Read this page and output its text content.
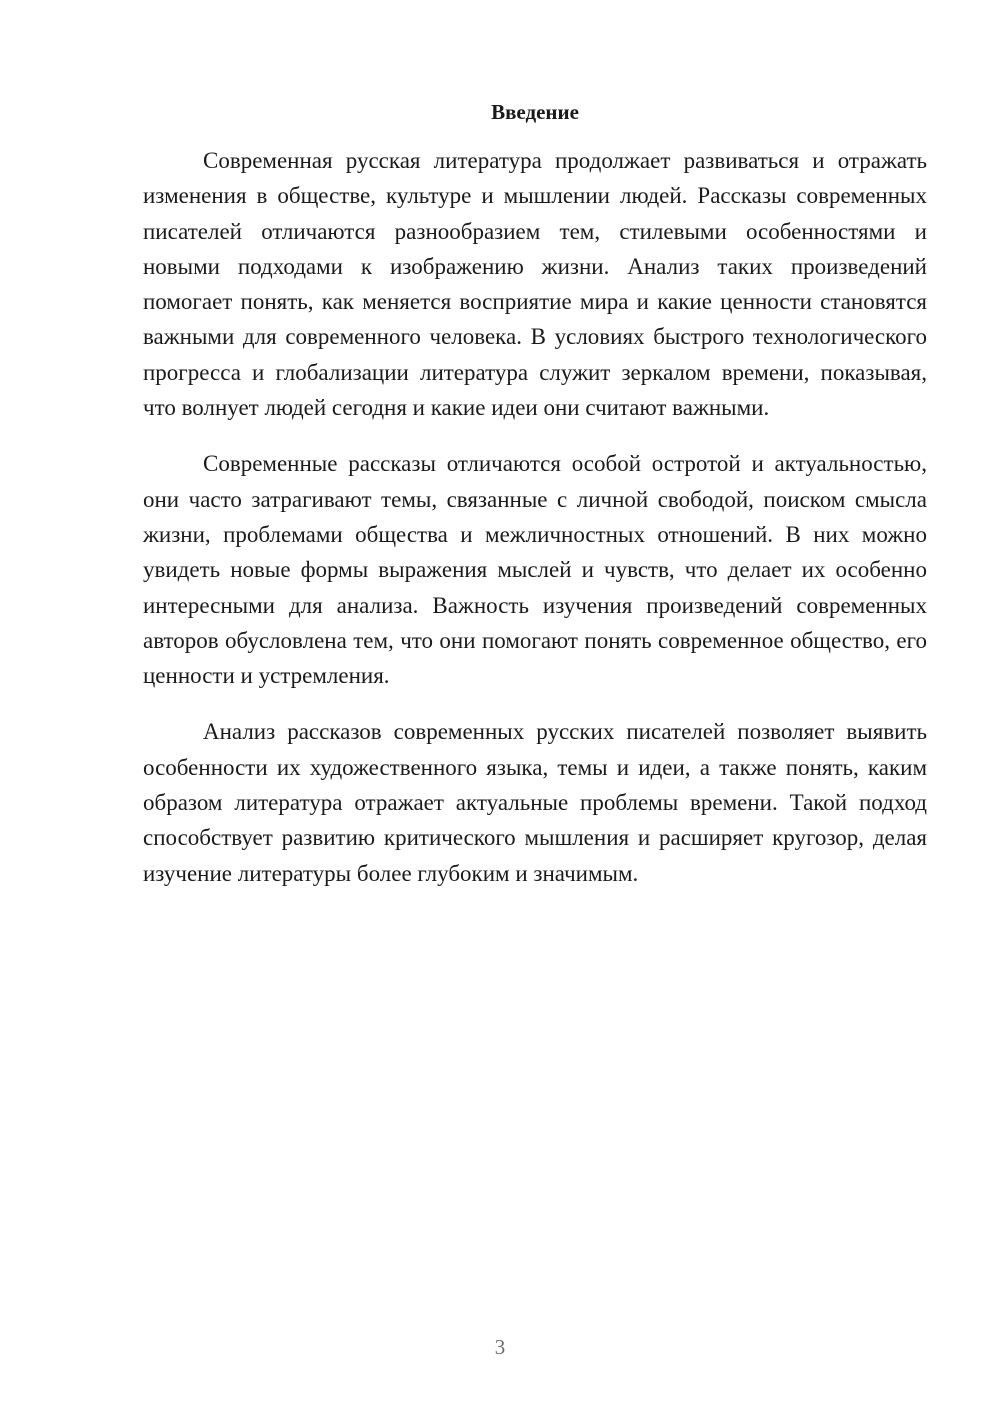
Введение

Современная русская литература продолжает развиваться и отражать изменения в обществе, культуре и мышлении людей. Рассказы современных писателей отличаются разнообразием тем, стилевыми особенностями и новыми подходами к изображению жизни. Анализ таких произведений помогает понять, как меняется восприятие мира и какие ценности становятся важными для современного человека. В условиях быстрого технологического прогресса и глобализации литература служит зеркалом времени, показывая, что волнует людей сегодня и какие идеи они считают важными.

Современные рассказы отличаются особой остротой и актуальностью, они часто затрагивают темы, связанные с личной свободой, поиском смысла жизни, проблемами общества и межличностных отношений. В них можно увидеть новые формы выражения мыслей и чувств, что делает их особенно интересными для анализа. Важность изучения произведений современных авторов обусловлена тем, что они помогают понять современное общество, его ценности и устремления.

Анализ рассказов современных русских писателей позволяет выявить особенности их художественного языка, темы и идеи, а также понять, каким образом литература отражает актуальные проблемы времени. Такой подход способствует развитию критического мышления и расширяет кругозор, делая изучение литературы более глубоким и значимым.

3
